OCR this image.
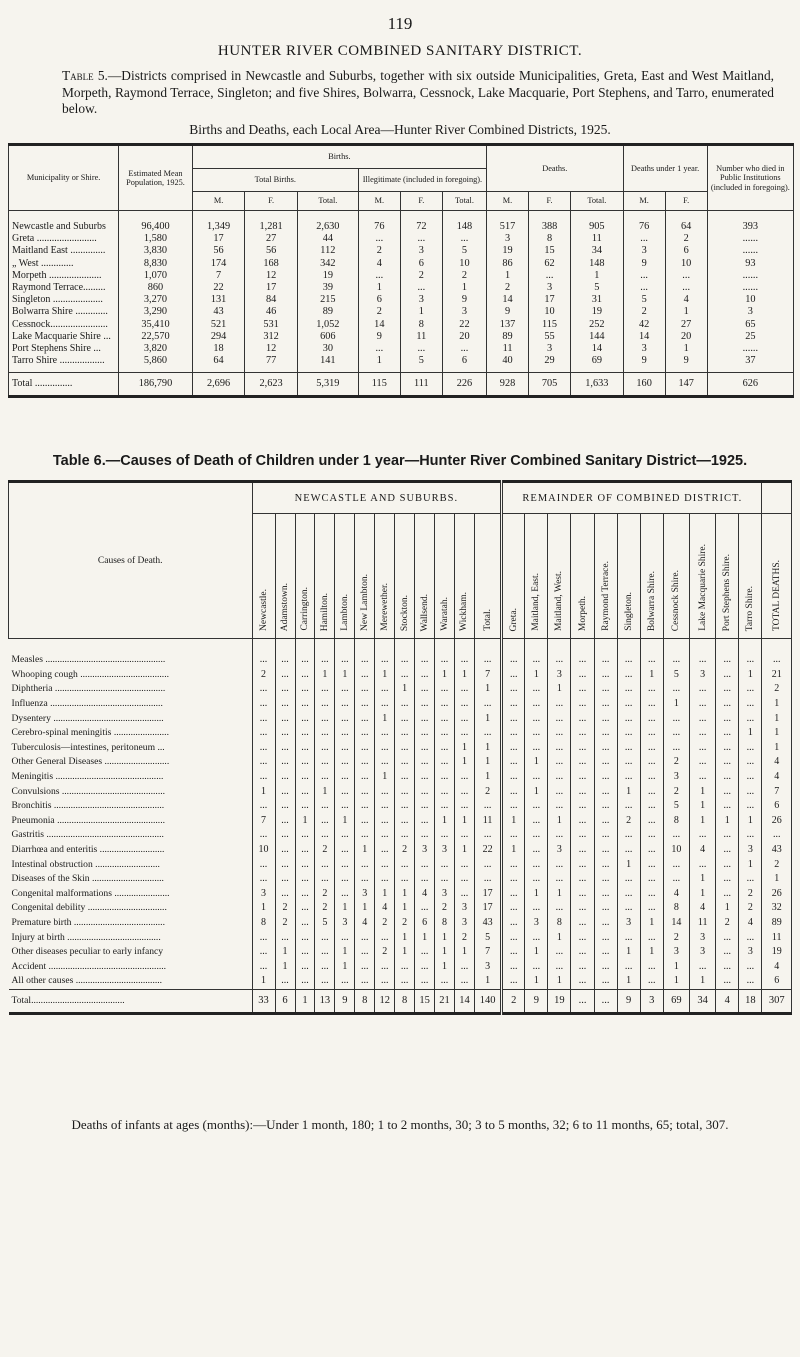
119
HUNTER RIVER COMBINED SANITARY DISTRICT.
Table 5.—Districts comprised in Newcastle and Suburbs, together with six outside Municipalities, Greta, East and West Maitland, Morpeth, Raymond Terrace, Singleton; and five Shires, Bolwarra, Cessnock, Lake Macquarie, Port Stephens, and Tarro, enumerated below.
Births and Deaths, each Local Area—Hunter River Combined Districts, 1925.
Municipality or Shire.	Estimated Mean Population, 1925.	Births.						Deaths.			Deaths under 1 year.		Number who died in Public Institutions (included in foregoing).
		Total Births.			Illegitimate (included in foregoing).								
		M.	F.	Total.	M.	F.	Total.	M.	F.	Total.	M.	F.	
Newcastle and Suburbs	96,400	1,349	1,281	2,630	76	72	148	517	388	905	76	64	393
Greta ........................	1,580	17	27	44	...	...	...	3	8	11	...	2	......
Maitland East ..............	3,830	56	56	112	2	3	5	19	15	34	3	6	......
„ West .............	8,830	174	168	342	4	6	10	86	62	148	9	10	93
Morpeth .....................	1,070	7	12	19	...	2	2	1	...	1	...	...	......
Raymond Terrace.........	860	22	17	39	1	...	1	2	3	5	...	...	......
Singleton ....................	3,270	131	84	215	6	3	9	14	17	31	5	4	10
Bolwarra Shire .............	3,290	43	46	89	2	1	3	9	10	19	2	1	3
Cessnock.......................	35,410	521	531	1,052	14	8	22	137	115	252	42	27	65
Lake Macquarie Shire ...	22,570	294	312	606	9	11	20	89	55	144	14	20	25
Port Stephens Shire ...	3,820	18	12	30	...	...	...	11	3	14	3	1	......
Tarro Shire ..................	5,860	64	77	141	1	5	6	40	29	69	9	9	37
Total ...............	186,790	2,696	2,623	5,319	115	111	226	928	705	1,633	160	147	626
Table 6.—Causes of Death of Children under 1 year—Hunter River Combined Sanitary District—1925.
Causes of Death.	NEWCASTLE AND SUBURBS.												REMAINDER OF COMBINED DISTRICT.											
	Newcastle.	Adamstown.	Carrington.	Hamilton.	Lambton.	New Lambton.	Merewether.	Stockton.	Wallsend.	Waratah.	Wickham.	Total.	Greta.	Maitland, East.	Maitland, West.	Morpeth.	Raymond Terrace.	Singleton.	Bolwarra Shire.	Cessnock Shire.	Lake Macquarie Shire.	Port Stephens Shire.	Tarro Shire.	TOTAL DEATHS.
Measles ..................................................	...	...	...	...	...	...	...	...	...	...	...	...	...	...	...	...	...	...	...	...	...	...	...	...
Whooping cough .....................................	2	...	...	1	1	...	1	...	...	1	1	7	...	1	3	...	...	...	1	5	3	...	1	21
Diphtheria ..............................................	...	...	...	...	...	...	...	1	...	...	...	1	...	...	1	...	...	...	...	...	...	...	...	2
Influenza ...............................................	...	...	...	...	...	...	...	...	...	...	...	...	...	...	...	...	...	...	...	1	...	...	...	1
Dysentery ..............................................	...	...	...	...	...	...	1	...	...	...	...	1	...	...	...	...	...	...	...	...	...	...	...	1
Cerebro-spinal meningitis .......................	...	...	...	...	...	...	...	...	...	...	...	...	...	...	...	...	...	...	...	...	...	...	1	1
Tuberculosis—intestines, peritoneum ...	...	...	...	...	...	...	...	...	...	...	1	1	...	...	...	...	...	...	...	...	...	...	...	1
Other General Diseases ...........................	...	...	...	...	...	...	...	...	...	...	1	1	...	1	...	...	...	...	...	2	...	...	...	4
Meningitis .............................................	...	...	...	...	...	...	1	...	...	...	...	1	...	...	...	...	...	...	...	3	...	...	...	4
Convulsions ...........................................	1	...	...	1	...	...	...	...	...	...	...	2	...	1	...	...	...	1	...	2	1	...	...	7
Bronchitis ..............................................	...	...	...	...	...	...	...	...	...	...	...	...	...	...	...	...	...	...	...	5	1	...	...	6
Pneumonia .............................................	7	...	1	...	1	...	...	...	...	1	1	11	1	...	1	...	...	2	...	8	1	1	1	26
Gastritis .................................................	...	...	...	...	...	...	...	...	...	...	...	...	...	...	...	...	...	...	...	...	...	...	...	...
Diarrhœa and enteritis ...........................	10	...	...	2	...	1	...	2	3	3	1	22	1	...	3	...	...	...	...	10	4	...	3	43
Intestinal obstruction ...........................	...	...	...	...	...	...	...	...	...	...	...	...	...	...	...	...	...	1	...	...	...	...	1	2
Diseases of the Skin ..............................	...	...	...	...	...	...	...	...	...	...	...	...	...	...	...	...	...	...	...	...	1	...	...	1
Congenital malformations .......................	3	...	...	2	...	3	1	1	4	3	...	17	...	1	1	...	...	...	...	4	1	...	2	26
Congenital debility .................................	1	2	...	2	1	1	4	1	...	2	3	17	...	...	...	...	...	...	...	8	4	1	2	32
Premature birth ......................................	8	2	...	5	3	4	2	2	6	8	3	43	...	3	8	...	...	3	1	14	11	2	4	89
Injury at birth .......................................	...	...	...	...	...	...	...	1	1	1	2	5	...	...	1	...	...	...	...	2	3	...	...	11
Other diseases peculiar to early infancy	...	1	...	...	1	...	2	1	...	1	1	7	...	1	...	...	...	1	1	3	3	...	3	19
Accident .................................................	...	1	...	...	1	...	...	...	...	1	...	3	...	...	...	...	...	...	...	1	...	...	...	4
All other causes ....................................	1	...	...	...	...	...	...	...	...	...	...	1	...	1	1	...	...	1	...	1	1	...	...	6
Total.......................................	33	6	1	13	9	8	12	8	15	21	14	140	2	9	19	...	...	9	3	69	34	4	18	307
Deaths of infants at ages (months):—Under 1 month, 180; 1 to 2 months, 30; 3 to 5 months, 32; 6 to 11 months, 65; total, 307.
